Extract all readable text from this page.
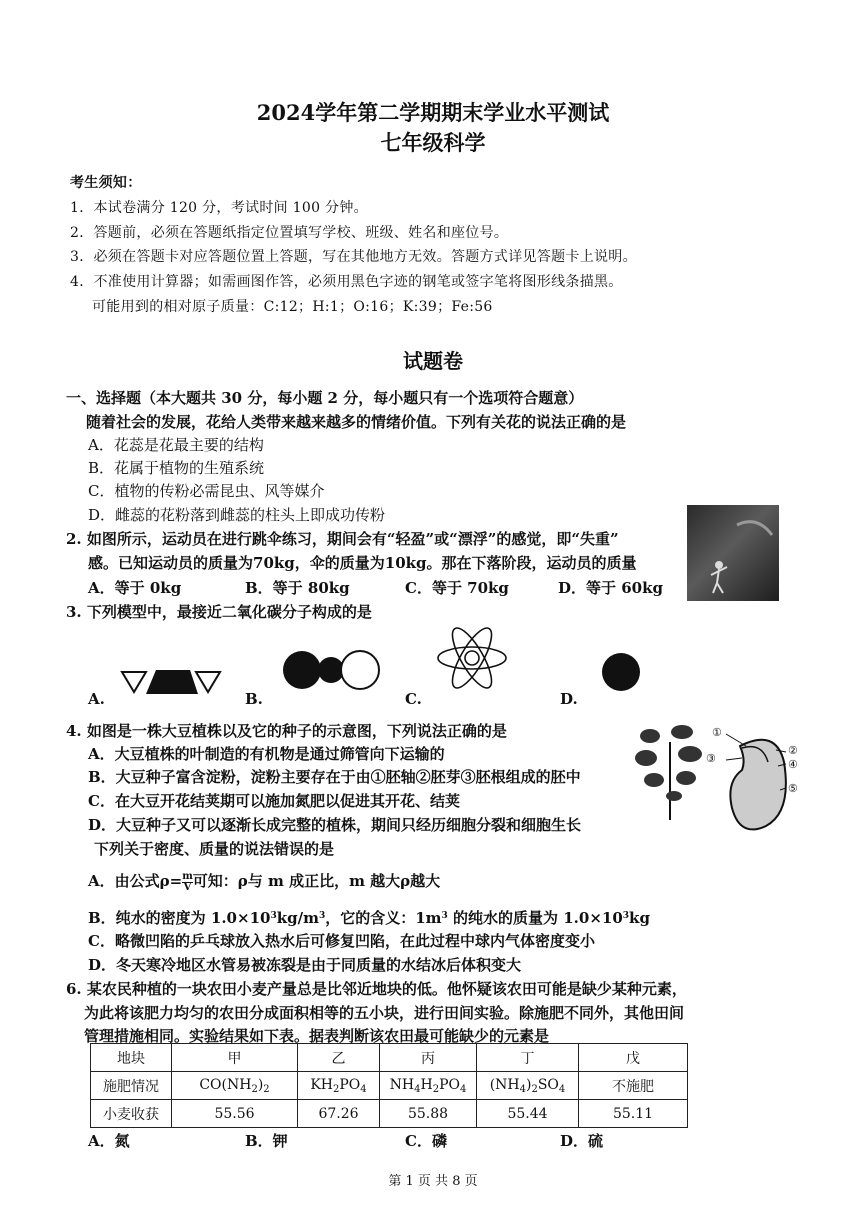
2024学年第二学期期末学业水平测试
七年级科学
考生须知：
1．本试卷满分 120 分，考试时间 100 分钟。
2．答题前，必须在答题纸指定位置填写学校、班级、姓名和座位号。
3．必须在答题卡对应答题位置上答题，写在其他地方无效。答题方式详见答题卡上说明。
4．不准使用计算器；如需画图作答，必须用黑色字迹的钢笔或签字笔将图形线条描黑。
可能用到的相对原子质量：C:12；H:1；O:16；K:39；Fe:56
试题卷
一、选择题（本大题共 30 分，每小题 2 分，每小题只有一个选项符合题意）
随着社会的发展，花给人类带来越来越多的情绪价值。下列有关花的说法正确的是
A．花蕊是花最主要的结构
B．花属于植物的生殖系统
C．植物的传粉必需昆虫、风等媒介
D．雌蕊的花粉落到雌蕊的柱头上即成功传粉
2. 如图所示，运动员在进行跳伞练习，期间会有“轻盈”或“漂浮”的感觉，即“失重”
感。已知运动员的质量为70kg，伞的质量为10kg。那在下落阶段，运动员的质量
A．等于 0kg	B．等于 80kg	C．等于 70kg	D．等于 60kg
3. 下列模型中，最接近二氧化碳分子构成的是
A.	B.	C.	D.
4. 如图是一株大豆植株以及它的种子的示意图，下列说法正确的是
A．大豆植株的叶制造的有机物是通过筛管向下运输的
B．大豆种子富含淀粉，淀粉主要存在于由①胚轴②胚芽③胚根组成的胚中
C．在大豆开花结荚期可以施加氮肥以促进其开花、结荚
D．大豆种子又可以逐渐长成完整的植株，期间只经历细胞分裂和细胞生长
①
②
③	④
⑤
下列关于密度、质量的说法错误的是
A．由公式$\rho= \frac{m}{V}$ 可知：ρ与 m 成正比，m 越大ρ越大
B．纯水的密度为 $1.0\times 10^3kg/m^3$，它的含义：$1m^3$ 的纯水的质量为 $1.0\times 10^3kg$
C．略微凹陷的乒乓球放入热水后可修复凹陷，在此过程中球内气体密度变小
D．冬天寒冷地区水管易被冻裂是由于同质量的水结冰后体积变大
6. 某农民种植的一块农田小麦产量总是比邻近地块的低。他怀疑该农田可能是缺少某种元素，
为此将该肥力均匀的农田分成面积相等的五小块，进行田间实验。除施肥不同外，其他田间
管理措施相同。实验结果如下表。据表判断该农田最可能缺少的元素是
地块	甲	乙	丙	丁	戊
施肥情况	$CO(NH_2)_2$	$KH_2PO_4$	$NH_4H_2PO_4$	$(NH_4)_2SO_4$	不施肥
小麦收获	55.56	67.26	55.88	55.44	55.11
A．氮	B．钾	C．磷	D．硫
第 1 页 共 8 页
